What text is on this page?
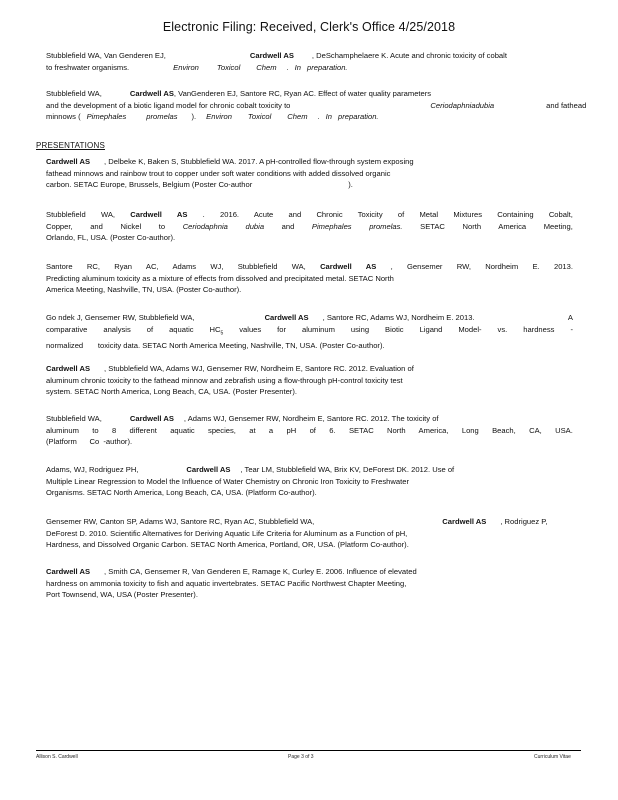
Electronic Filing: Received, Clerk's Office 4/25/2018
Stubblefield WA, Van Genderen EJ,	Cardwell AS , DeSchamphelaere K. Acute and chronic toxicity of cobalt
to freshwater organisms.	Environ Toxicol Chem . In preparation.
Stubblefield WA,	Cardwell AS, VanGenderen EJ, Santore RC, Ryan AC. Effect of water quality parameters
and the development of a biotic ligand model for chronic cobalt toxicity to	Ceriodaphniadubia	and fathead
minnows ( Pimephales	promelas ). Environ Toxicol Chem . In preparation.
PRESENTATIONS
Cardwell AS , Delbeke K, Baken S, Stubblefield WA. 2017. A pH-controlled flow-through system exposing
fathead minnows and rainbow trout to copper under soft water conditions with added dissolved organic
carbon. SETAC Europe, Brussels, Belgium (Poster Co-author	).
Stubblefield WA, Cardwell AS . 2016. Acute and Chronic Toxicity of Metal Mixtures Containing Cobalt,
Copper, and Nickel to Ceriodaphnia dubia and Pimephales promelas. SETAC North America Meeting,
Orlando, FL, USA. (Poster Co-author).
Santore RC, Ryan AC, Adams WJ, Stubblefield WA, Cardwell AS , Gensemer RW, Nordheim E. 2013.
Predicting aluminum toxicity as a mixture of effects from dissolved and precipitated metal. SETAC North
America Meeting, Nashville, TN, USA. (Poster Co-author).
Go ndek J, Gensemer RW, Stubblefield WA,	Cardwell AS , Santore RC, Adams WJ, Nordheim E. 2013.	A
comparative analysis of aquatic $HC_5$ values for aluminum using Biotic Ligand Model- vs. hardness -
normalized       toxicity data. SETAC North America Meeting, Nashville, TN, USA. (Poster Co-author).
Cardwell AS , Stubblefield WA, Adams WJ, Gensemer RW, Nordheim E, Santore RC. 2012. Evaluation of
aluminum chronic toxicity to the fathead minnow and zebrafish using a flow-through pH-control toxicity test
system. SETAC North America, Long Beach, CA, USA. (Poster Presenter).
Stubblefield WA,	Cardwell AS , Adams WJ, Gensemer RW, Nordheim E, Santore RC. 2012. The toxicity of
aluminum to 8 different aquatic species, at a pH of 6. SETAC North America, Long Beach, CA, USA.
(Platform      Co  -author).
Adams, WJ, Rodriguez PH,	Cardwell AS , Tear LM, Stubblefield WA, Brix KV, DeForest DK. 2012. Use of
Multiple Linear Regression to Model the Influence of Water Chemistry on Chronic Iron Toxicity to Freshwater
Organisms. SETAC North America, Long Beach, CA, USA. (Platform Co-author).
Gensemer RW, Canton SP, Adams WJ, Santore RC, Ryan AC, Stubblefield WA,	Cardwell AS , Rodriguez P,
DeForest D. 2010. Scientific Alternatives for Deriving Aquatic Life Criteria for Aluminum as a Function of pH,
Hardness, and Dissolved Organic Carbon. SETAC North America, Portland, OR, USA. (Platform Co-author).
Cardwell AS , Smith CA, Gensemer R, Van Genderen E, Ramage K, Curley E. 2006. Influence of elevated
hardness on ammonia toxicity to fish and aquatic invertebrates. SETAC Pacific Northwest Chapter Meeting,
Port Townsend, WA, USA (Poster Presenter).
Allison S. Cardwell	Page 3 of 3	Curriculum Vitae
